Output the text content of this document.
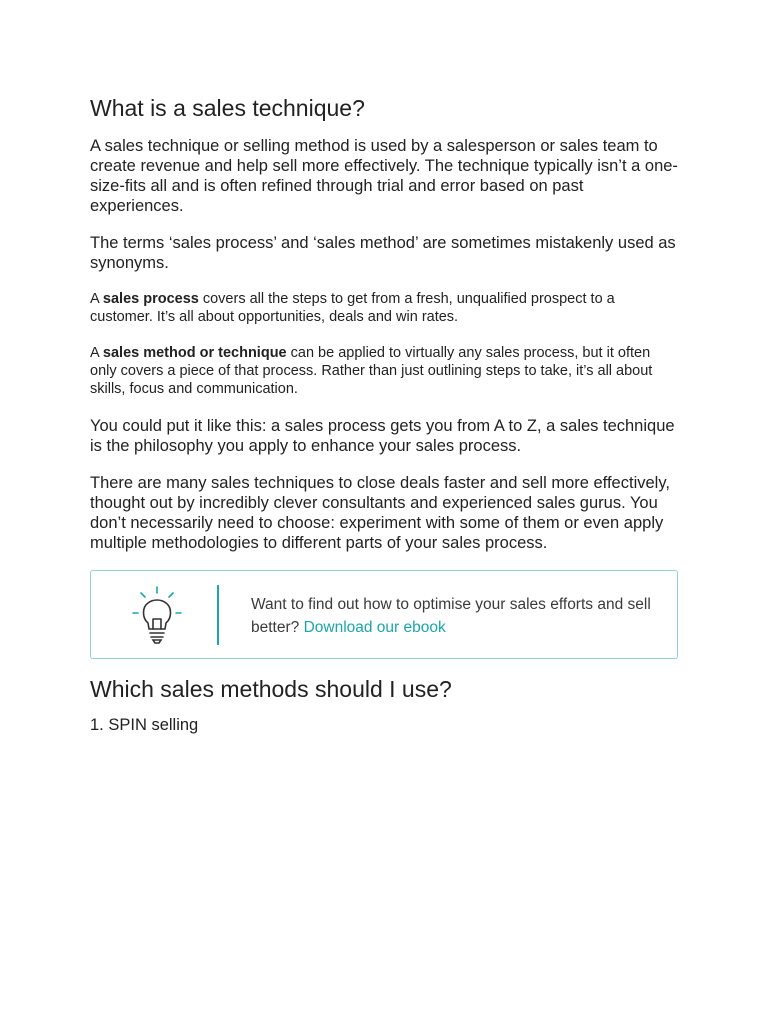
What is a sales technique?

A sales technique or selling method is used by a salesperson or sales team to create revenue and help sell more effectively. The technique typically isn’t a one-size-fits all and is often refined through trial and error based on past experiences.

The terms ‘sales process’ and ‘sales method’ are sometimes mistakenly used as synonyms.

A sales process covers all the steps to get from a fresh, unqualified prospect to a customer. It’s all about opportunities, deals and win rates.

A sales method or technique can be applied to virtually any sales process, but it often only covers a piece of that process. Rather than just outlining steps to take, it’s all about skills, focus and communication.

You could put it like this: a sales process gets you from A to Z, a sales technique is the philosophy you apply to enhance your sales process.

There are many sales techniques to close deals faster and sell more effectively, thought out by incredibly clever consultants and experienced sales gurus. You don’t necessarily need to choose: experiment with some of them or even apply multiple methodologies to different parts of your sales process.

Want to find out how to optimise your sales efforts and sell better? Download our ebook
Which sales methods should I use?
1. SPIN selling
